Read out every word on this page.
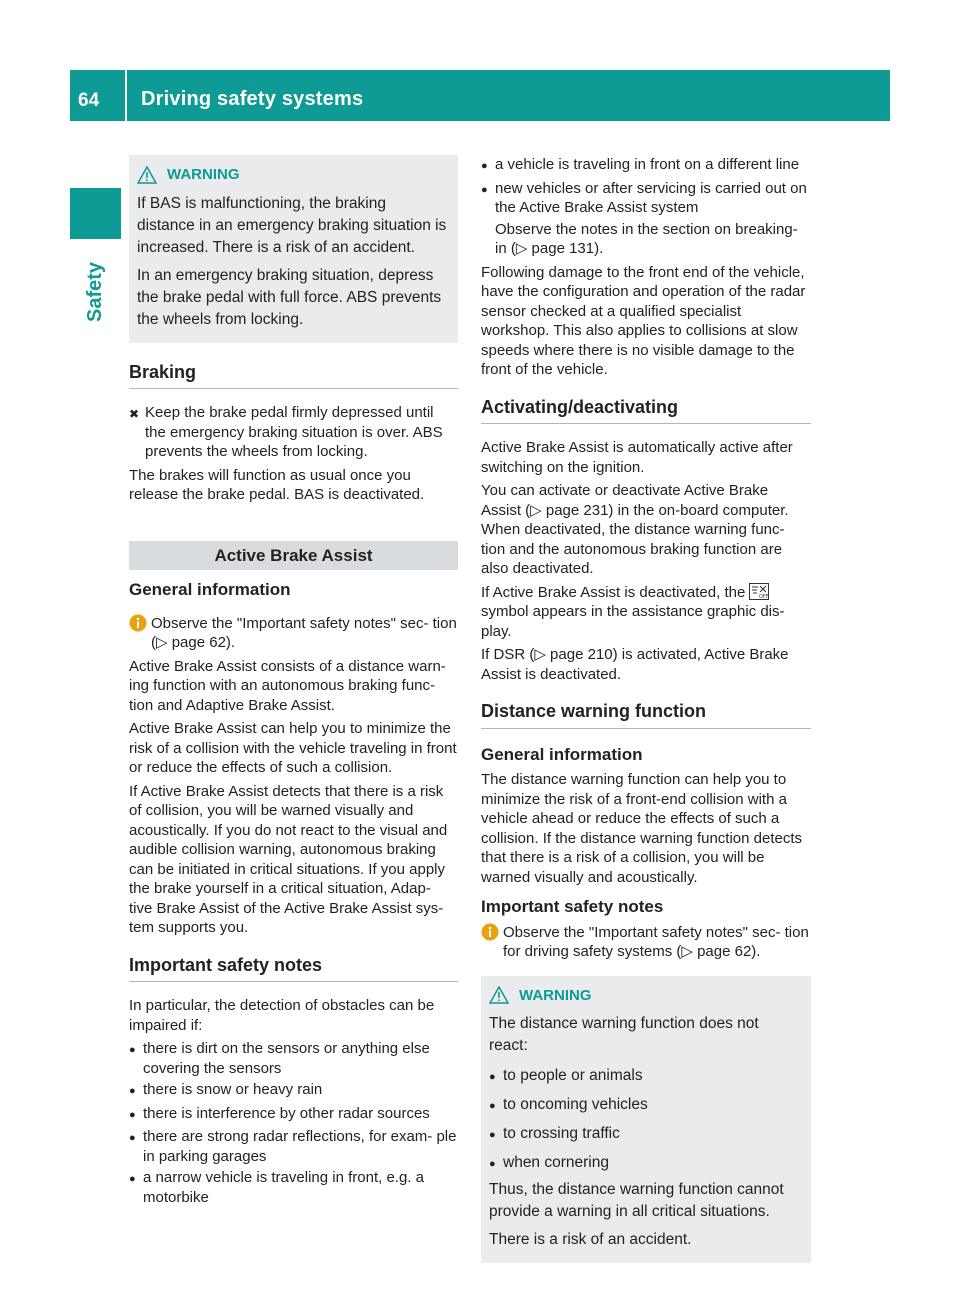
64 Driving safety systems
Safety
WARNING

If BAS is malfunctioning, the braking distance in an emergency braking situation is increased. There is a risk of an accident.

In an emergency braking situation, depress the brake pedal with full force. ABS prevents the wheels from locking.

Braking
✖ Keep the brake pedal firmly depressed until the emergency braking situation is over. ABS prevents the wheels from locking.

The brakes will function as usual once you release the brake pedal. BAS is deactivated.

Active Brake Assist
General information
Observe the "Important safety notes" sec- tion (▷ page 62).

Active Brake Assist consists of a distance warn- ing function with an autonomous braking func- tion and Adaptive Brake Assist.

Active Brake Assist can help you to minimize the risk of a collision with the vehicle traveling in front or reduce the effects of such a collision.

If Active Brake Assist detects that there is a risk of collision, you will be warned visually and acoustically. If you do not react to the visual and audible collision warning, autonomous braking can be initiated in critical situations. If you apply the brake yourself in a critical situation, Adap- tive Brake Assist of the Active Brake Assist sys- tem supports you.

Important safety notes

In particular, the detection of obstacles can be impaired if:

● there is dirt on the sensors or anything else covering the sensors
● there is snow or heavy rain
● there is interference by other radar sources
● there are strong radar reflections, for exam- ple in parking garages
● a narrow vehicle is traveling in front, e.g. a motorbike
● a vehicle is traveling in front on a different line
● new vehicles or after servicing is carried out on the Active Brake Assist system

Observe the notes in the section on breaking- in (▷ page 131).

Following damage to the front end of the vehicle, have the configuration and operation of the radar sensor checked at a qualified specialist workshop. This also applies to collisions at slow speeds where there is no visible damage to the front of the vehicle.

Activating/deactivating

Active Brake Assist is automatically active after switching on the ignition.

You can activate or deactivate Active Brake Assist (▷ page 231) in the on-board computer. When deactivated, the distance warning func- tion and the autonomous braking function are also deactivated.

If Active Brake Assist is deactivated, the	OFF
symbol appears in the assistance graphic dis- play.

If DSR (▷ page 210) is activated, Active Brake Assist is deactivated.

Distance warning function
General information

The distance warning function can help you to minimize the risk of a front-end collision with a vehicle ahead or reduce the effects of such a collision. If the distance warning function detects that there is a risk of a collision, you will be warned visually and acoustically.

Important safety notes
Observe the "Important safety notes" sec- tion for driving safety systems (▷ page 62).
WARNING

The distance warning function does not react:

● to people or animals
● to oncoming vehicles
● to crossing traffic
● when cornering

Thus, the distance warning function cannot provide a warning in all critical situations.

There is a risk of an accident.
